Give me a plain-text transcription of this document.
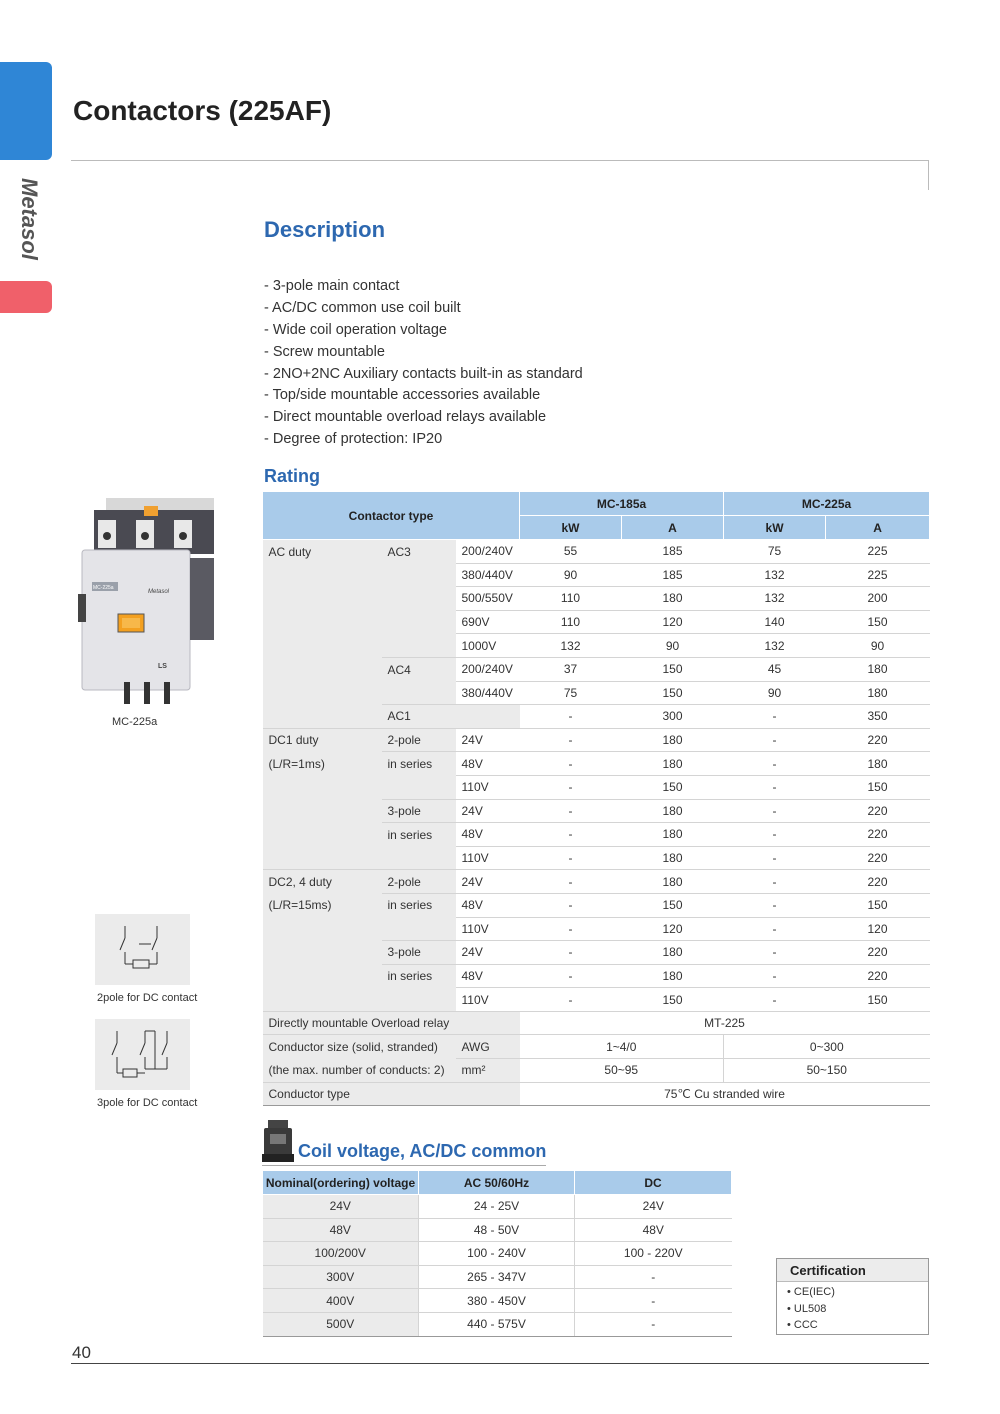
Metasol
Contactors (225AF)
Description
- 3-pole main contact
- AC/DC common use coil built
- Wide coil operation voltage
- Screw mountable
- 2NO+2NC Auxiliary contacts built-in as standard
- Top/side mountable accessories available
- Direct mountable overload relays available
- Degree of protection: IP20
Rating
MC-225a
Metasol
LS
MC-225a
2pole for DC contact
3pole for DC contact
Contactor type			MC-185a		MC-225a	
			kW	A	kW	A
AC duty	AC3	200/240V	55	185	75	225
		380/440V	90	185	132	225
		500/550V	110	180	132	200
		690V	110	120	140	150
		1000V	132	90	132	90
	AC4	200/240V	37	150	45	180
		380/440V	75	150	90	180
	AC1		-	300	-	350
DC1 duty	2-pole	24V	-	180	-	220
(L/R=1ms)	in series	48V	-	180	-	180
		110V	-	150	-	150
	3-pole	24V	-	180	-	220
	in series	48V	-	180	-	220
		110V	-	180	-	220
DC2, 4 duty	2-pole	24V	-	180	-	220
(L/R=15ms)	in series	48V	-	150	-	150
		110V	-	120	-	120
	3-pole	24V	-	180	-	220
	in series	48V	-	180	-	220
		110V	-	150	-	150
Directly mountable Overload relay			MT-225			
Conductor size (solid, stranded)		AWG	1~4/0		0~300	
(the max. number of conducts: 2)		mm²	50~95		50~150	
Conductor type			75℃ Cu stranded wire			
Coil voltage, AC/DC common
Nominal(ordering) voltage	AC 50/60Hz	DC
24V	24 - 25V	24V
48V	48 - 50V	48V
100/200V	100 - 240V	100 - 220V
300V	265 - 347V	-
400V	380 - 450V	-
500V	440 - 575V	-
Certification
• CE(IEC)
• UL508
• CCC
40
